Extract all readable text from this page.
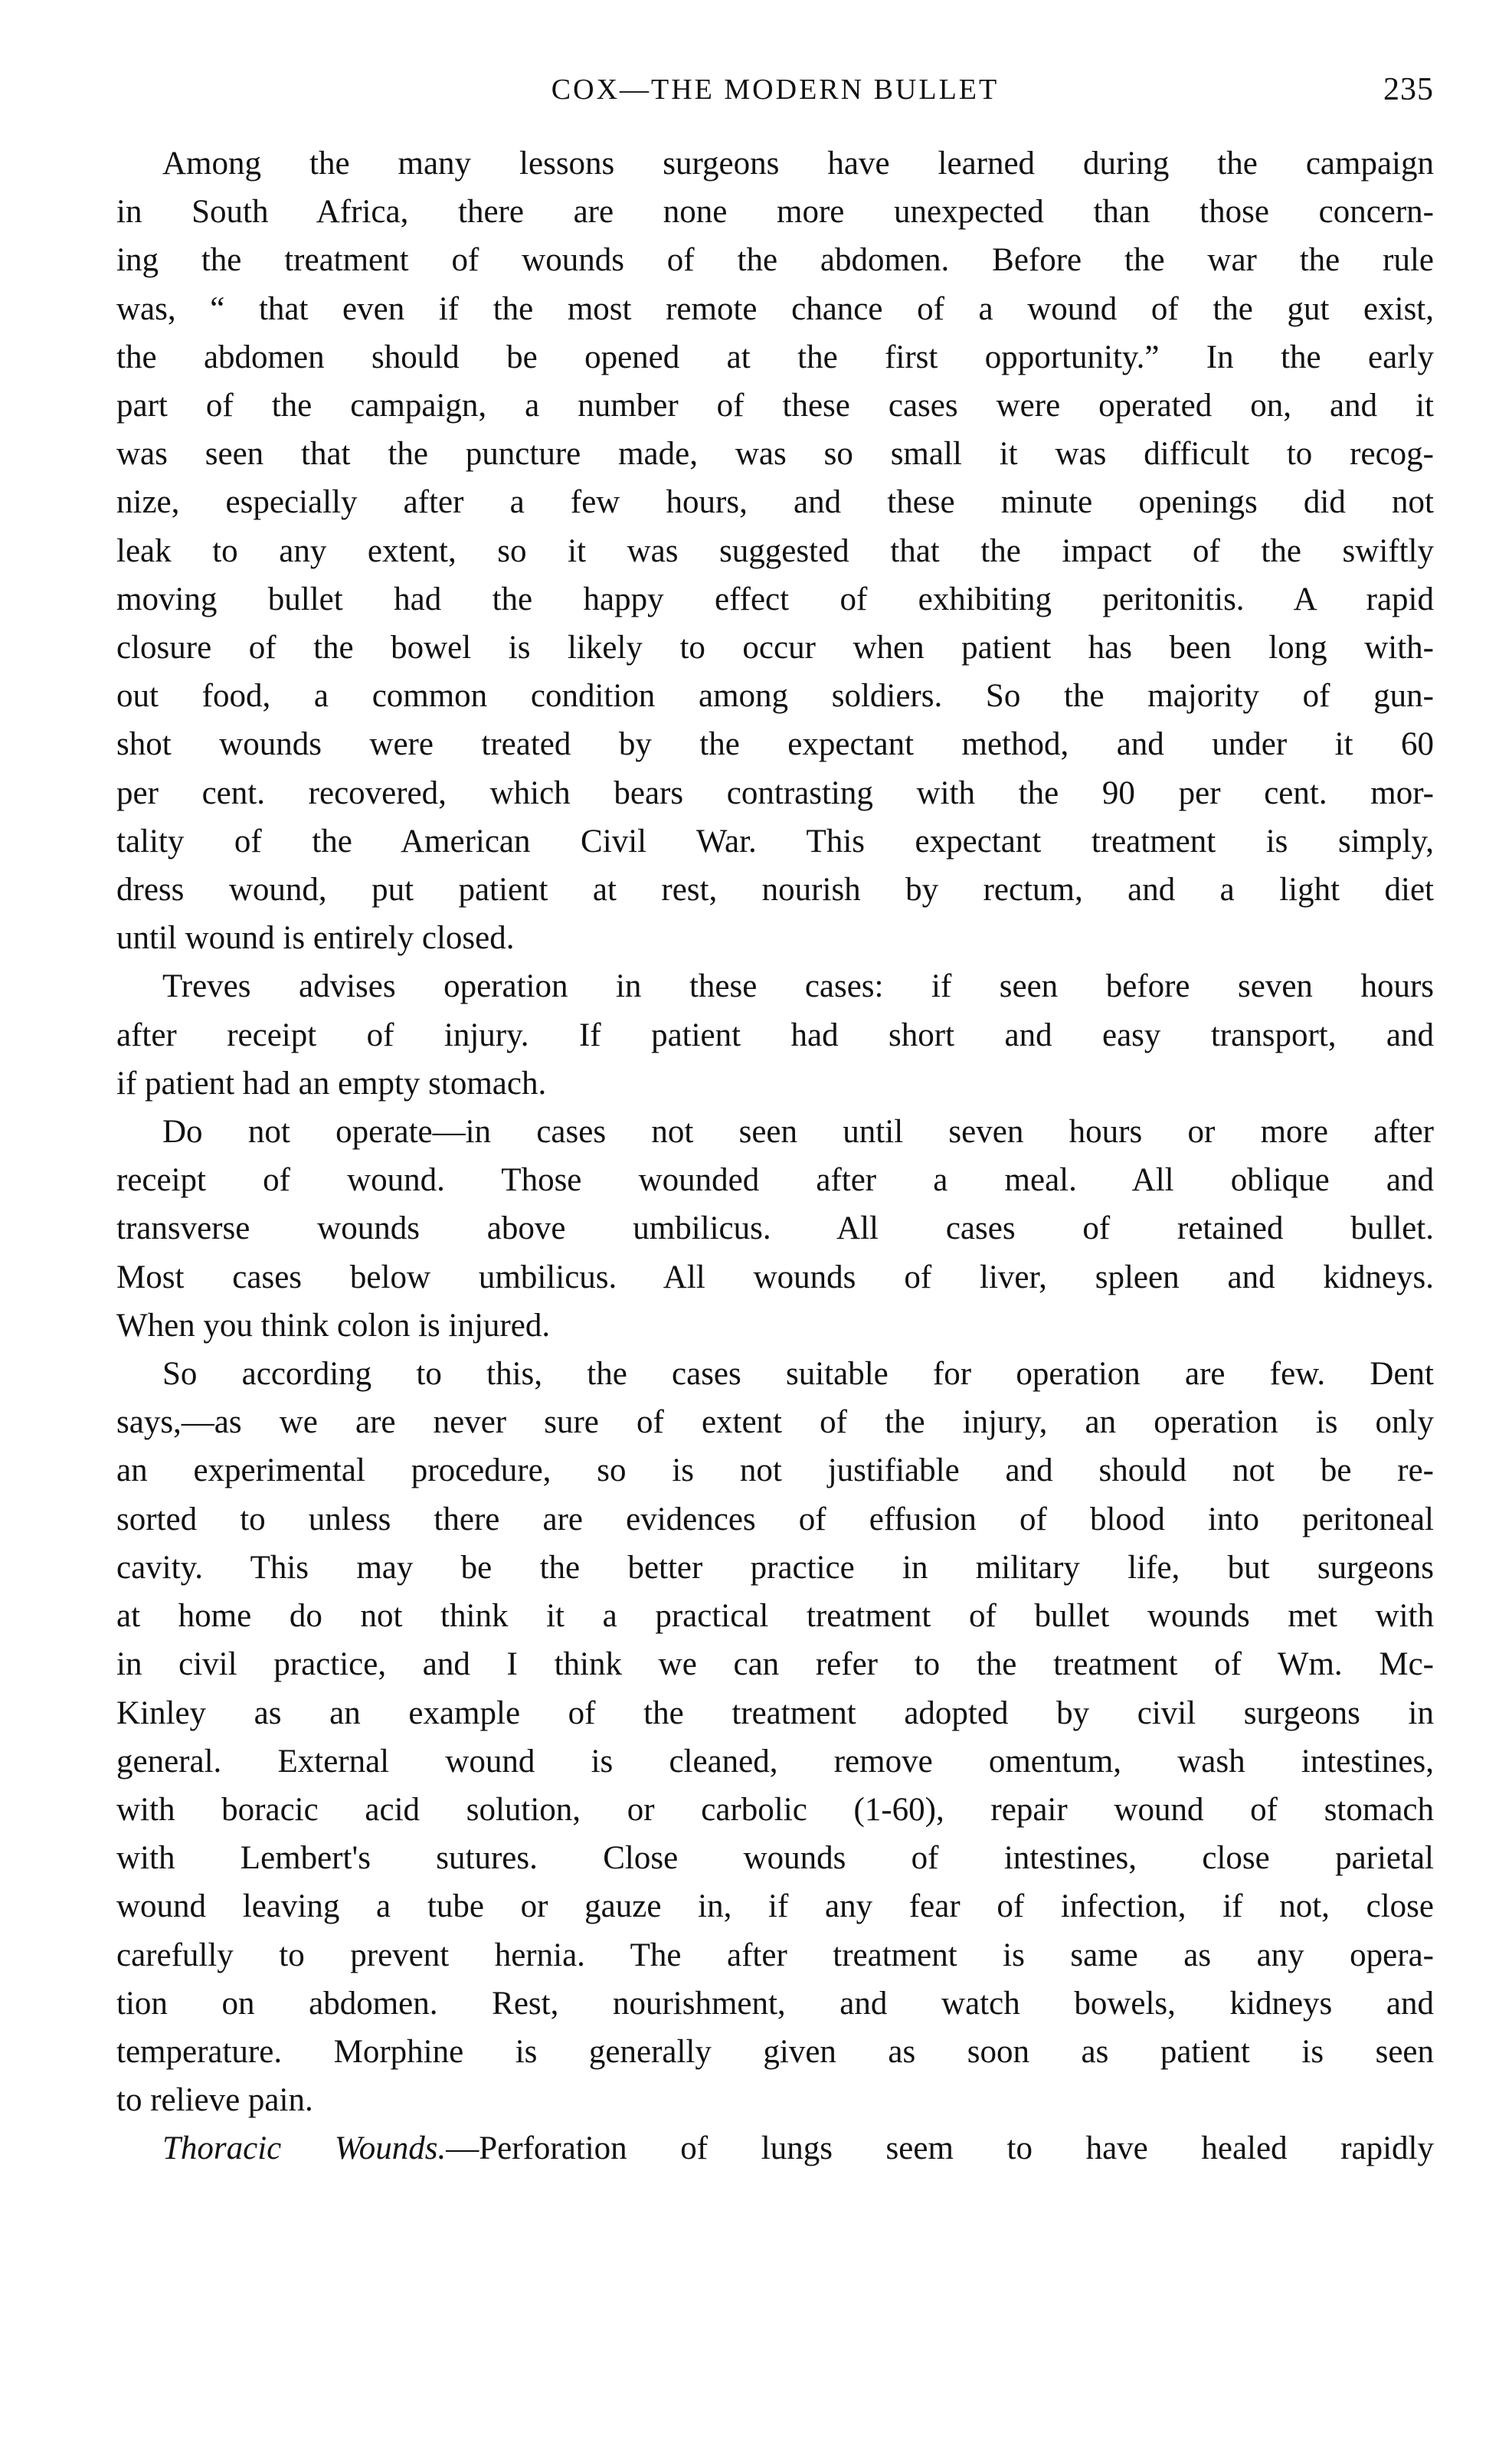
COX—THE MODERN BULLET	235

Among the many lessons surgeons have learned during the campaign
in South Africa, there are none more unexpected than those concern-
ing the treatment of wounds of the abdomen. Before the war the rule
was, “ that even if the most remote chance of a wound of the gut exist,
the abdomen should be opened at the first opportunity.” In the early
part of the campaign, a number of these cases were operated on, and it
was seen that the puncture made, was so small it was difficult to recog-
nize, especially after a few hours, and these minute openings did not
leak to any extent, so it was suggested that the impact of the swiftly
moving bullet had the happy effect of exhibiting peritonitis. A rapid
closure of the bowel is likely to occur when patient has been long with-
out food, a common condition among soldiers. So the majority of gun-
shot wounds were treated by the expectant method, and under it 60
per cent. recovered, which bears contrasting with the 90 per cent. mor-
tality of the American Civil War. This expectant treatment is simply,
dress wound, put patient at rest, nourish by rectum, and a light diet
until wound is entirely closed.

Treves advises operation in these cases: if seen before seven hours
after receipt of injury. If patient had short and easy transport, and
if patient had an empty stomach.

Do not operate—in cases not seen until seven hours or more after
receipt of wound. Those wounded after a meal. All oblique and
transverse wounds above umbilicus. All cases of retained bullet.
Most cases below umbilicus. All wounds of liver, spleen and kidneys.
When you think colon is injured.

So according to this, the cases suitable for operation are few. Dent
says,—as we are never sure of extent of the injury, an operation is only
an experimental procedure, so is not justifiable and should not be re-
sorted to unless there are evidences of effusion of blood into peritoneal
cavity. This may be the better practice in military life, but surgeons
at home do not think it a practical treatment of bullet wounds met with
in civil practice, and I think we can refer to the treatment of Wm. Mc-
Kinley as an example of the treatment adopted by civil surgeons in
general. External wound is cleaned, remove omentum, wash intestines,
with boracic acid solution, or carbolic (1-60), repair wound of stomach
with Lembert's sutures. Close wounds of intestines, close parietal
wound leaving a tube or gauze in, if any fear of infection, if not, close
carefully to prevent hernia. The after treatment is same as any opera-
tion on abdomen. Rest, nourishment, and watch bowels, kidneys and
temperature. Morphine is generally given as soon as patient is seen
to relieve pain.

Thoracic Wounds.—Perforation of lungs seem to have healed rapidly
